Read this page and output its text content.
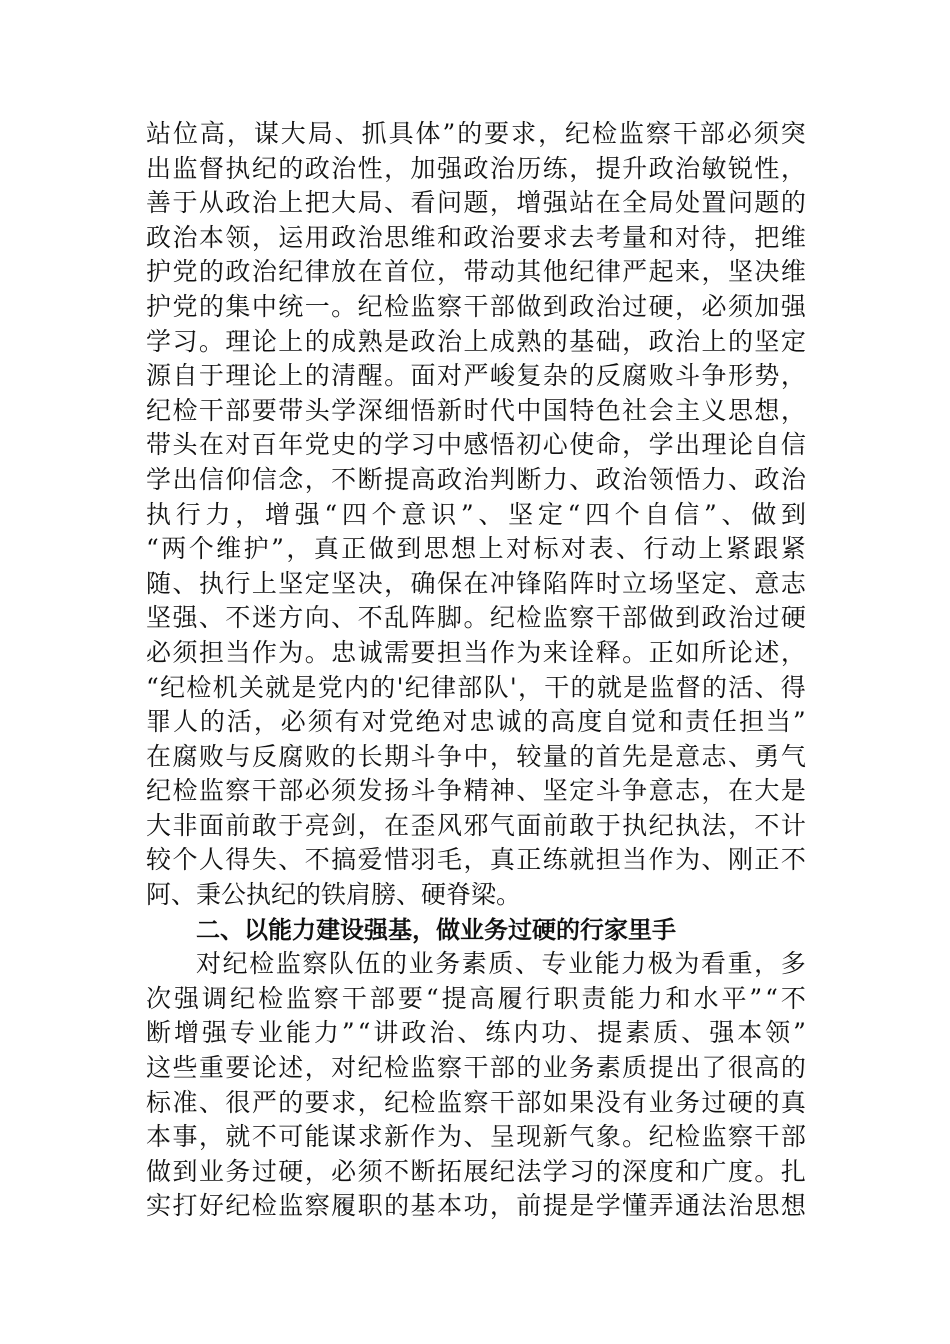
站 位 高 ， 谋 大 局 、 抓 具 体 ” 的 要 求 ， 纪 检 监 察 干 部 必 须 突
出 监 督 执 纪 的 政 治 性 ， 加 强 政 治 历 练 ， 提 升 政 治 敏 锐 性 ，
善 于 从 政 治 上 把 大 局 、 看 问 题 ， 增 强 站 在 全 局 处 置 问 题 的
政 治 本 领 ， 运 用 政 治 思 维 和 政 治 要 求 去 考 量 和 对 待 ， 把 维
护 党 的 政 治 纪 律 放 在 首 位 ， 带 动 其 他 纪 律 严 起 来 ， 坚 决 维
护 党 的 集 中 统 一 。 纪 检 监 察 干 部 做 到 政 治 过 硬 ， 必 须 加 强
学 习 。 理 论 上 的 成 熟 是 政 治 上 成 熟 的 基 础 ， 政 治 上 的 坚 定
源 自 于 理 论 上 的 清 醒 。 面 对 严 峻 复 杂 的 反 腐 败 斗 争 形 势 ，
纪 检 干 部 要 带 头 学 深 细 悟 新 时 代 中 国 特 色 社 会 主 义 思 想 ，
带 头 在 对 百 年 党 史 的 学 习 中 感 悟 初 心 使 命 ， 学 出 理 论 自 信
学 出 信 仰 信 念 ， 不 断 提 高 政 治 判 断 力 、 政 治 领 悟 力 、 政 治
执 行 力 ， 增 强 “ 四 个 意 识 ” 、 坚 定 “ 四 个 自 信 ” 、 做 到
“ 两 个 维 护 ” ， 真 正 做 到 思 想 上 对 标 对 表 、 行 动 上 紧 跟 紧
随 、 执 行 上 坚 定 坚 决 ， 确 保 在 冲 锋 陷 阵 时 立 场 坚 定 、 意 志
坚 强 、 不 迷 方 向 、 不 乱 阵 脚 。 纪 检 监 察 干 部 做 到 政 治 过 硬
必 须 担 当 作 为 。 忠 诚 需 要 担 当 作 为 来 诠 释 。 正 如 所 论 述 ，
“ 纪 检 机 关 就 是 党 内 的 ' 纪 律 部 队 ' ， 干 的 就 是 监 督 的 活 、 得
罪 人 的 活 ， 必 须 有 对 党 绝 对 忠 诚 的 高 度 自 觉 和 责 任 担 当 ”
在 腐 败 与 反 腐 败 的 长 期 斗 争 中 ， 较 量 的 首 先 是 意 志 、 勇 气
纪 检 监 察 干 部 必 须 发 扬 斗 争 精 神 、 坚 定 斗 争 意 志 ， 在 大 是
大 非 面 前 敢 于 亮 剑 ， 在 歪 风 邪 气 面 前 敢 于 执 纪 执 法 ， 不 计
较 个 人 得 失 、 不 搞 爱 惜 羽 毛 ， 真 正 练 就 担 当 作 为 、 刚 正 不
阿、秉公执纪的铁肩膀、硬脊梁。
二、以能力建设强基，做业务过硬的行家里手
对 纪 检 监 察 队 伍 的 业 务 素 质 、 专 业 能 力 极 为 看 重 ， 多
次 强 调 纪 检 监 察 干 部 要 “ 提 高 履 行 职 责 能 力 和 水 平 ” “ 不
断 增 强 专 业 能 力 ” “ 讲 政 治 、 练 内 功 、 提 素 质 、 强 本 领 ”
这 些 重 要 论 述 ， 对 纪 检 监 察 干 部 的 业 务 素 质 提 出 了 很 高 的
标 准 、 很 严 的 要 求 ， 纪 检 监 察 干 部 如 果 没 有 业 务 过 硬 的 真
本 事 ， 就 不 可 能 谋 求 新 作 为 、 呈 现 新 气 象 。 纪 检 监 察 干 部
做 到 业 务 过 硬 ， 必 须 不 断 拓 展 纪 法 学 习 的 深 度 和 广 度 。 扎
实 打 好 纪 检 监 察 履 职 的 基 本 功 ， 前 提 是 学 懂 弄 通 法 治 思 想
